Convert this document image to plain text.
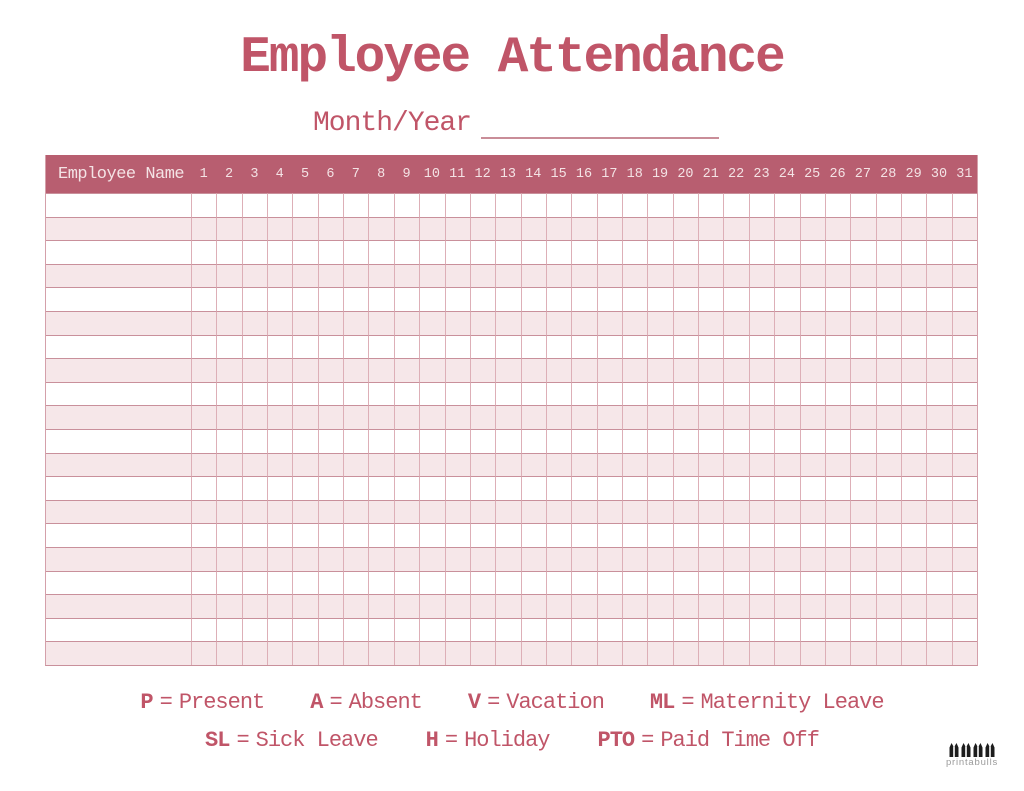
Employee Attendance
Month/Year
Employee Name	1	2	3	4	5	6	7	8	9 10 11 12 13 14 15 16 17 18 19 20 21 22 23 24 25 26 27 28 29 30 31
P = Present A = Absent V = Vacation ML = Maternity Leave
SL = Sick Leave H = Holiday PTO = Paid Time Off
printabulls
